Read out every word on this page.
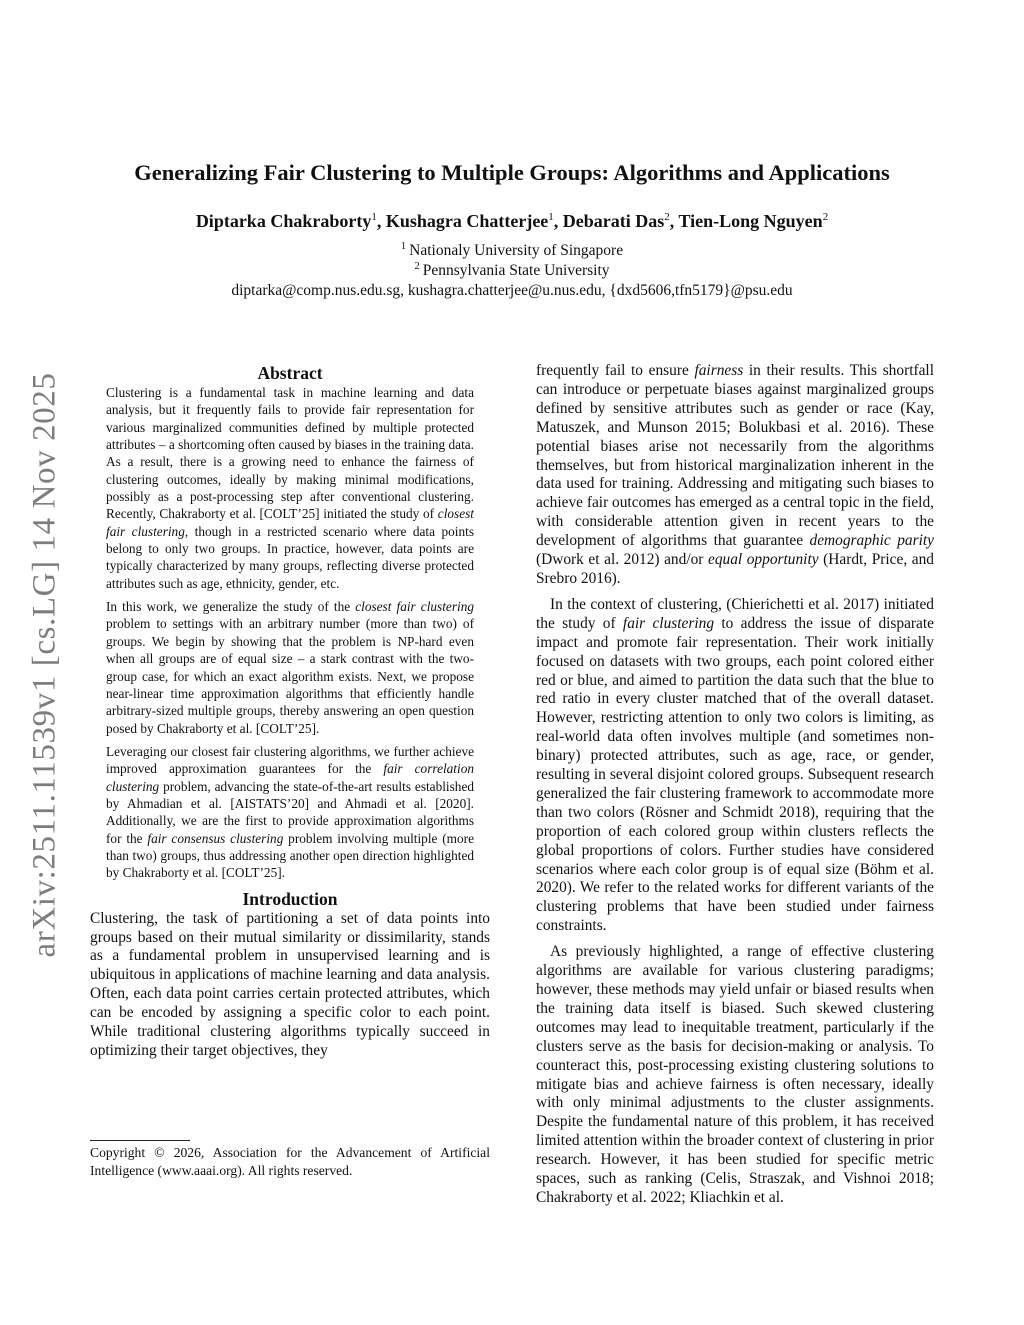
Generalizing Fair Clustering to Multiple Groups: Algorithms and Applications
Diptarka Chakraborty$^1$, Kushagra Chatterjee$^1$, Debarati Das$^2$, Tien-Long Nguyen$^2$
$^1$ Nationaly University of Singapore
$^2$ Pennsylvania State University
diptarka@comp.nus.edu.sg, kushagra.chatterjee@u.nus.edu, {dxd5606,tfn5179}@psu.edu
arXiv:2511.11539v1 [cs.LG] 14 Nov 2025	Abstract

Clustering is a fundamental task in machine learning and data analysis, but it frequently fails to provide fair representation for various marginalized communities defined by multiple protected attributes – a shortcoming often caused by biases in the training data. As a result, there is a growing need to enhance the fairness of clustering outcomes, ideally by making minimal modifications, possibly as a post-processing step after conventional clustering. Recently, Chakraborty et al. [COLT’25] initiated the study of closest fair clustering, though in a restricted scenario where data points belong to only two groups. In practice, however, data points are typically characterized by many groups, reflecting diverse protected attributes such as age, ethnicity, gender, etc.

In this work, we generalize the study of the closest fair clustering problem to settings with an arbitrary number (more than two) of groups. We begin by showing that the problem is NP-hard even when all groups are of equal size – a stark contrast with the two-group case, for which an exact algorithm exists. Next, we propose near-linear time approximation algorithms that efficiently handle arbitrary-sized multiple groups, thereby answering an open question posed by Chakraborty et al. [COLT’25].

Leveraging our closest fair clustering algorithms, we further achieve improved approximation guarantees for the fair correlation clustering problem, advancing the state-of-the-art results established by Ahmadian et al. [AISTATS’20] and Ahmadi et al. [2020]. Additionally, we are the first to provide approximation algorithms for the fair consensus clustering problem involving multiple (more than two) groups, thus addressing another open direction highlighted by Chakraborty et al. [COLT’25].

Introduction

Clustering, the task of partitioning a set of data points into groups based on their mutual similarity or dissimilarity, stands as a fundamental problem in unsupervised learning and is ubiquitous in applications of machine learning and data analysis. Often, each data point carries certain protected attributes, which can be encoded by assigning a specific color to each point. While traditional clustering algorithms typically succeed in optimizing their target objectives, they

Copyright © 2026, Association for the Advancement of Artificial Intelligence (www.aaai.org). All rights reserved.

frequently fail to ensure fairness in their results. This shortfall can introduce or perpetuate biases against marginalized groups defined by sensitive attributes such as gender or race (Kay, Matuszek, and Munson 2015; Bolukbasi et al. 2016). These potential biases arise not necessarily from the algorithms themselves, but from historical marginalization inherent in the data used for training. Addressing and mitigating such biases to achieve fair outcomes has emerged as a central topic in the field, with considerable attention given in recent years to the development of algorithms that guarantee demographic parity (Dwork et al. 2012) and/or equal opportunity (Hardt, Price, and Srebro 2016).

In the context of clustering, (Chierichetti et al. 2017) initiated the study of fair clustering to address the issue of disparate impact and promote fair representation. Their work initially focused on datasets with two groups, each point colored either red or blue, and aimed to partition the data such that the blue to red ratio in every cluster matched that of the overall dataset. However, restricting attention to only two colors is limiting, as real-world data often involves multiple (and sometimes non-binary) protected attributes, such as age, race, or gender, resulting in several disjoint colored groups. Subsequent research generalized the fair clustering framework to accommodate more than two colors (Rösner and Schmidt 2018), requiring that the proportion of each colored group within clusters reflects the global proportions of colors. Further studies have considered scenarios where each color group is of equal size (Böhm et al. 2020). We refer to the related works for different variants of the clustering problems that have been studied under fairness constraints.

As previously highlighted, a range of effective clustering algorithms are available for various clustering paradigms; however, these methods may yield unfair or biased results when the training data itself is biased. Such skewed clustering outcomes may lead to inequitable treatment, particularly if the clusters serve as the basis for decision-making or analysis. To counteract this, post-processing existing clustering solutions to mitigate bias and achieve fairness is often necessary, ideally with only minimal adjustments to the cluster assignments. Despite the fundamental nature of this problem, it has received limited attention within the broader context of clustering in prior research. However, it has been studied for specific metric spaces, such as ranking (Celis, Straszak, and Vishnoi 2018; Chakraborty et al. 2022; Kliachkin et al.
